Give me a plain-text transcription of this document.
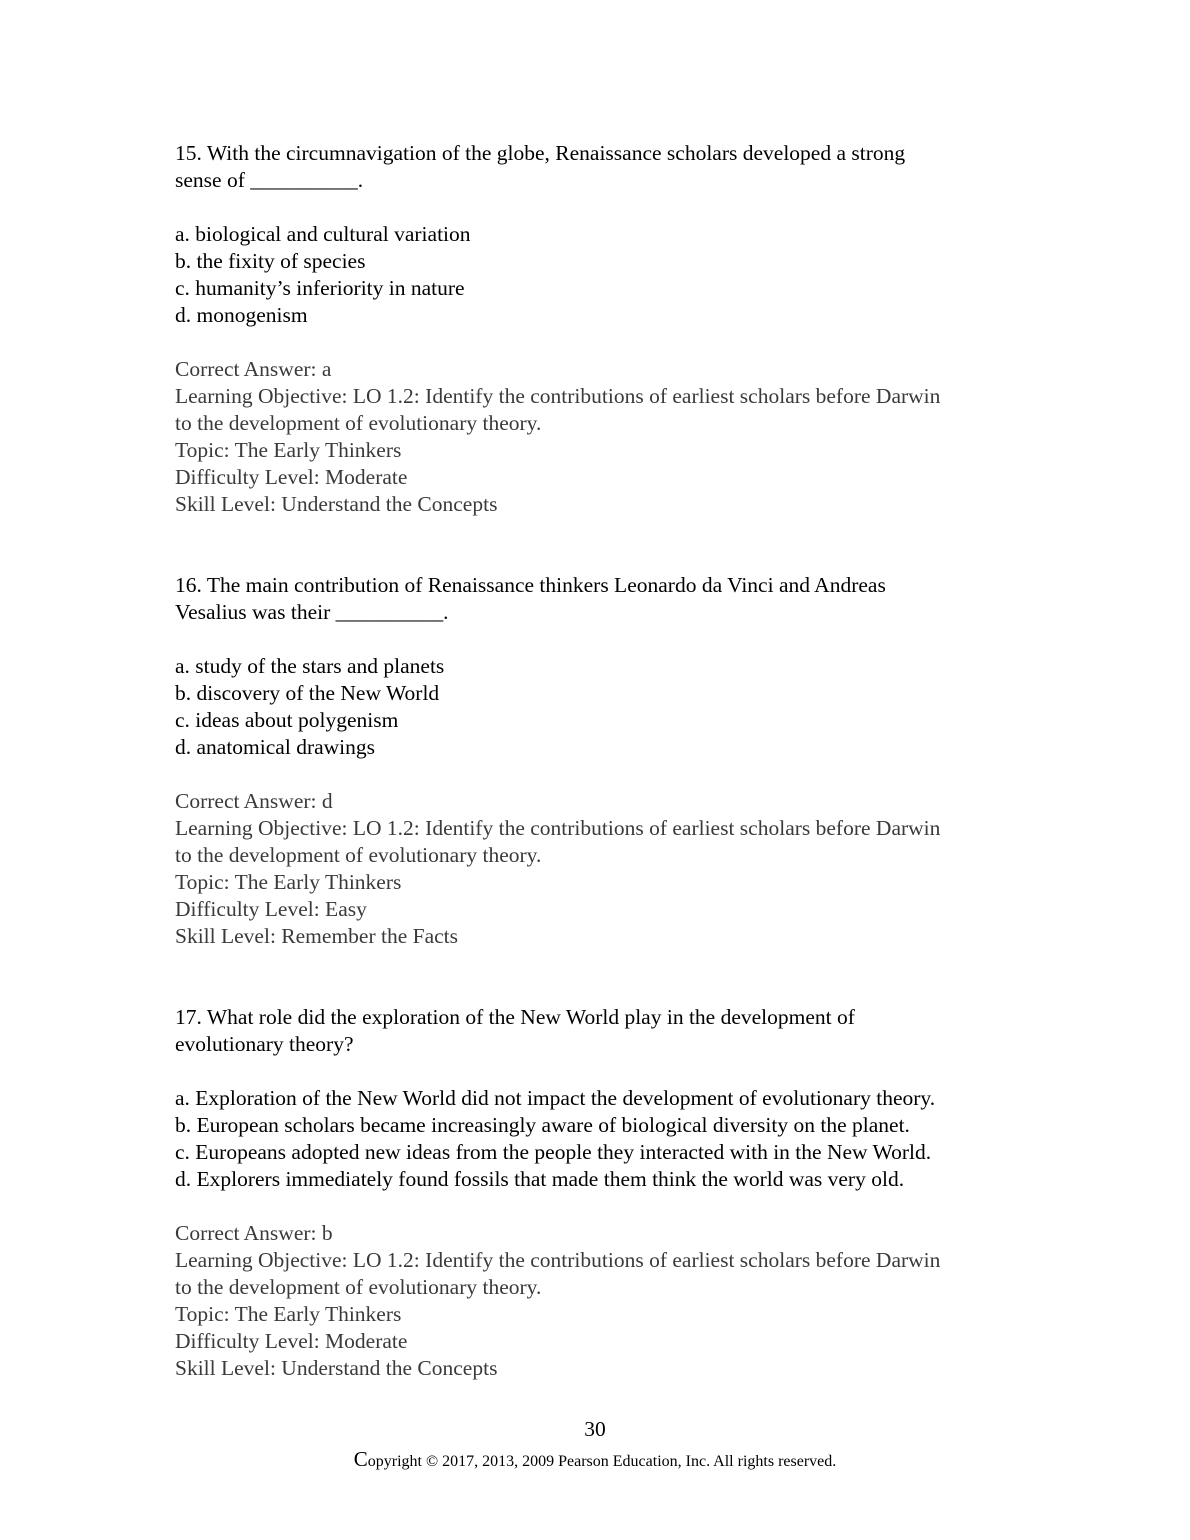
15. With the circumnavigation of the globe, Renaissance scholars developed a strong
sense of __________.
a. biological and cultural variation
b. the fixity of species
c. humanity’s inferiority in nature
d. monogenism
Correct Answer: a
Learning Objective: LO 1.2: Identify the contributions of earliest scholars before Darwin
to the development of evolutionary theory.
Topic: The Early Thinkers
Difficulty Level: Moderate
Skill Level: Understand the Concepts
16. The main contribution of Renaissance thinkers Leonardo da Vinci and Andreas
Vesalius was their __________.
a. study of the stars and planets
b. discovery of the New World
c. ideas about polygenism
d. anatomical drawings
Correct Answer: d
Learning Objective: LO 1.2: Identify the contributions of earliest scholars before Darwin
to the development of evolutionary theory.
Topic: The Early Thinkers
Difficulty Level: Easy
Skill Level: Remember the Facts
17. What role did the exploration of the New World play in the development of
evolutionary theory?
a. Exploration of the New World did not impact the development of evolutionary theory.
b. European scholars became increasingly aware of biological diversity on the planet.
c. Europeans adopted new ideas from the people they interacted with in the New World.
d. Explorers immediately found fossils that made them think the world was very old.
Correct Answer: b
Learning Objective: LO 1.2: Identify the contributions of earliest scholars before Darwin
to the development of evolutionary theory.
Topic: The Early Thinkers
Difficulty Level: Moderate
Skill Level: Understand the Concepts
30
Copyright © 2017, 2013, 2009 Pearson Education, Inc. All rights reserved.
